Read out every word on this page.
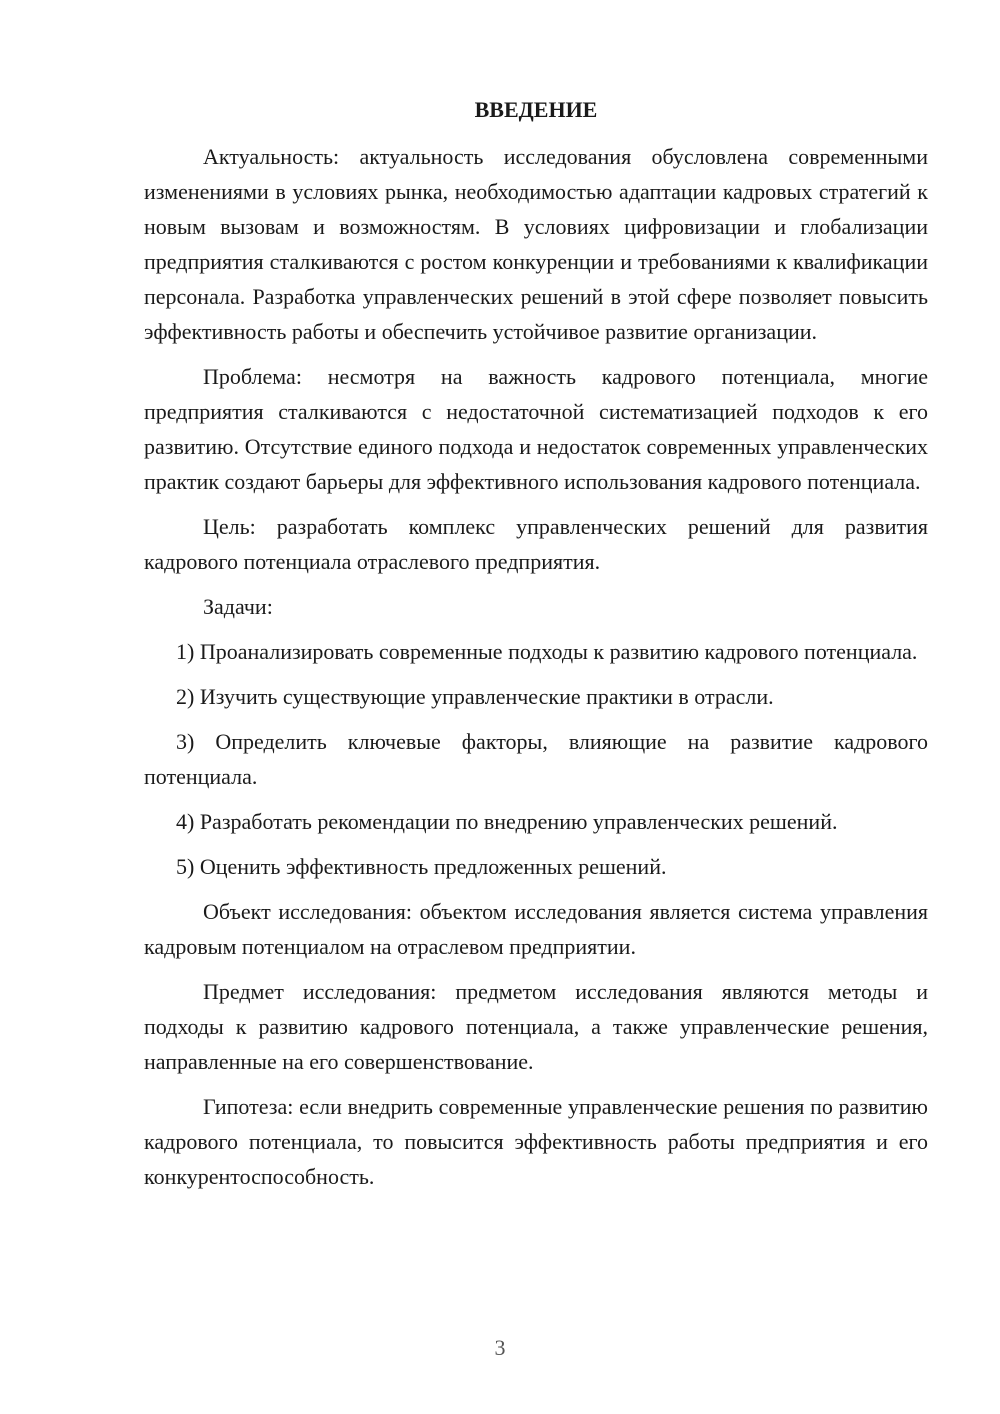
ВВЕДЕНИЕ

Актуальность: актуальность исследования обусловлена современными изменениями в условиях рынка, необходимостью адаптации кадровых стратегий к новым вызовам и возможностям. В условиях цифровизации и глобализации предприятия сталкиваются с ростом конкуренции и требованиями к квалификации персонала. Разработка управленческих решений в этой сфере позволяет повысить эффективность работы и обеспечить устойчивое развитие организации.

Проблема: несмотря на важность кадрового потенциала, многие предприятия сталкиваются с недостаточной систематизацией подходов к его развитию. Отсутствие единого подхода и недостаток современных управленческих практик создают барьеры для эффективного использования кадрового потенциала.

Цель: разработать комплекс управленческих решений для развития кадрового потенциала отраслевого предприятия.

Задачи:

1) Проанализировать современные подходы к развитию кадрового потенциала.

2) Изучить существующие управленческие практики в отрасли.

3) Определить ключевые факторы, влияющие на развитие кадрового потенциала.

4) Разработать рекомендации по внедрению управленческих решений.

5) Оценить эффективность предложенных решений.

Объект исследования: объектом исследования является система управления кадровым потенциалом на отраслевом предприятии.

Предмет исследования: предметом исследования являются методы и подходы к развитию кадрового потенциала, а также управленческие решения, направленные на его совершенствование.

Гипотеза: если внедрить современные управленческие решения по развитию кадрового потенциала, то повысится эффективность работы предприятия и его конкурентоспособность.

3
